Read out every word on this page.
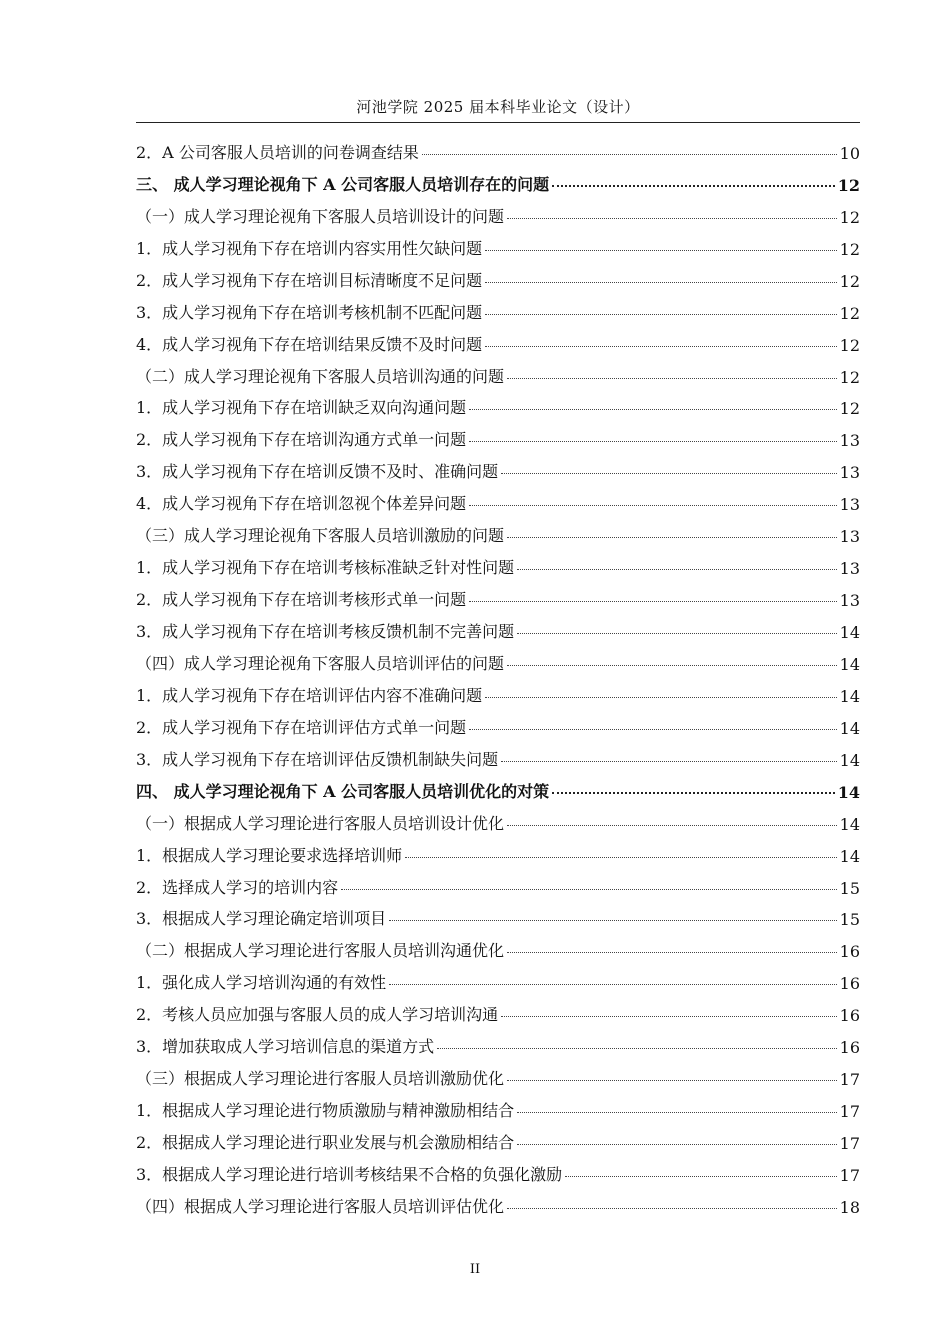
河池学院 2025 届本科毕业论文（设计）
2．A 公司客服人员培训的问卷调查结果	10
三、 成人学习理论视角下 A 公司客服人员培训存在的问题	12
（一）成人学习理论视角下客服人员培训设计的问题	12
1．成人学习视角下存在培训内容实用性欠缺问题	12
2．成人学习视角下存在培训目标清晰度不足问题	12
3．成人学习视角下存在培训考核机制不匹配问题	12
4．成人学习视角下存在培训结果反馈不及时问题	12
（二）成人学习理论视角下客服人员培训沟通的问题	12
1．成人学习视角下存在培训缺乏双向沟通问题	12
2．成人学习视角下存在培训沟通方式单一问题	13
3．成人学习视角下存在培训反馈不及时、准确问题	13
4．成人学习视角下存在培训忽视个体差异问题	13
（三）成人学习理论视角下客服人员培训激励的问题	13
1．成人学习视角下存在培训考核标准缺乏针对性问题	13
2．成人学习视角下存在培训考核形式单一问题	13
3．成人学习视角下存在培训考核反馈机制不完善问题	14
（四）成人学习理论视角下客服人员培训评估的问题	14
1．成人学习视角下存在培训评估内容不准确问题	14
2．成人学习视角下存在培训评估方式单一问题	14
3．成人学习视角下存在培训评估反馈机制缺失问题	14
四、 成人学习理论视角下 A 公司客服人员培训优化的对策	14
（一）根据成人学习理论进行客服人员培训设计优化	14
1．根据成人学习理论要求选择培训师	14
2．选择成人学习的培训内容	15
3．根据成人学习理论确定培训项目	15
（二）根据成人学习理论进行客服人员培训沟通优化	16
1．强化成人学习培训沟通的有效性	16
2．考核人员应加强与客服人员的成人学习培训沟通	16
3．增加获取成人学习培训信息的渠道方式	16
（三）根据成人学习理论进行客服人员培训激励优化	17
1．根据成人学习理论进行物质激励与精神激励相结合	17
2．根据成人学习理论进行职业发展与机会激励相结合	17
3．根据成人学习理论进行培训考核结果不合格的负强化激励	17
（四）根据成人学习理论进行客服人员培训评估优化	18
II
